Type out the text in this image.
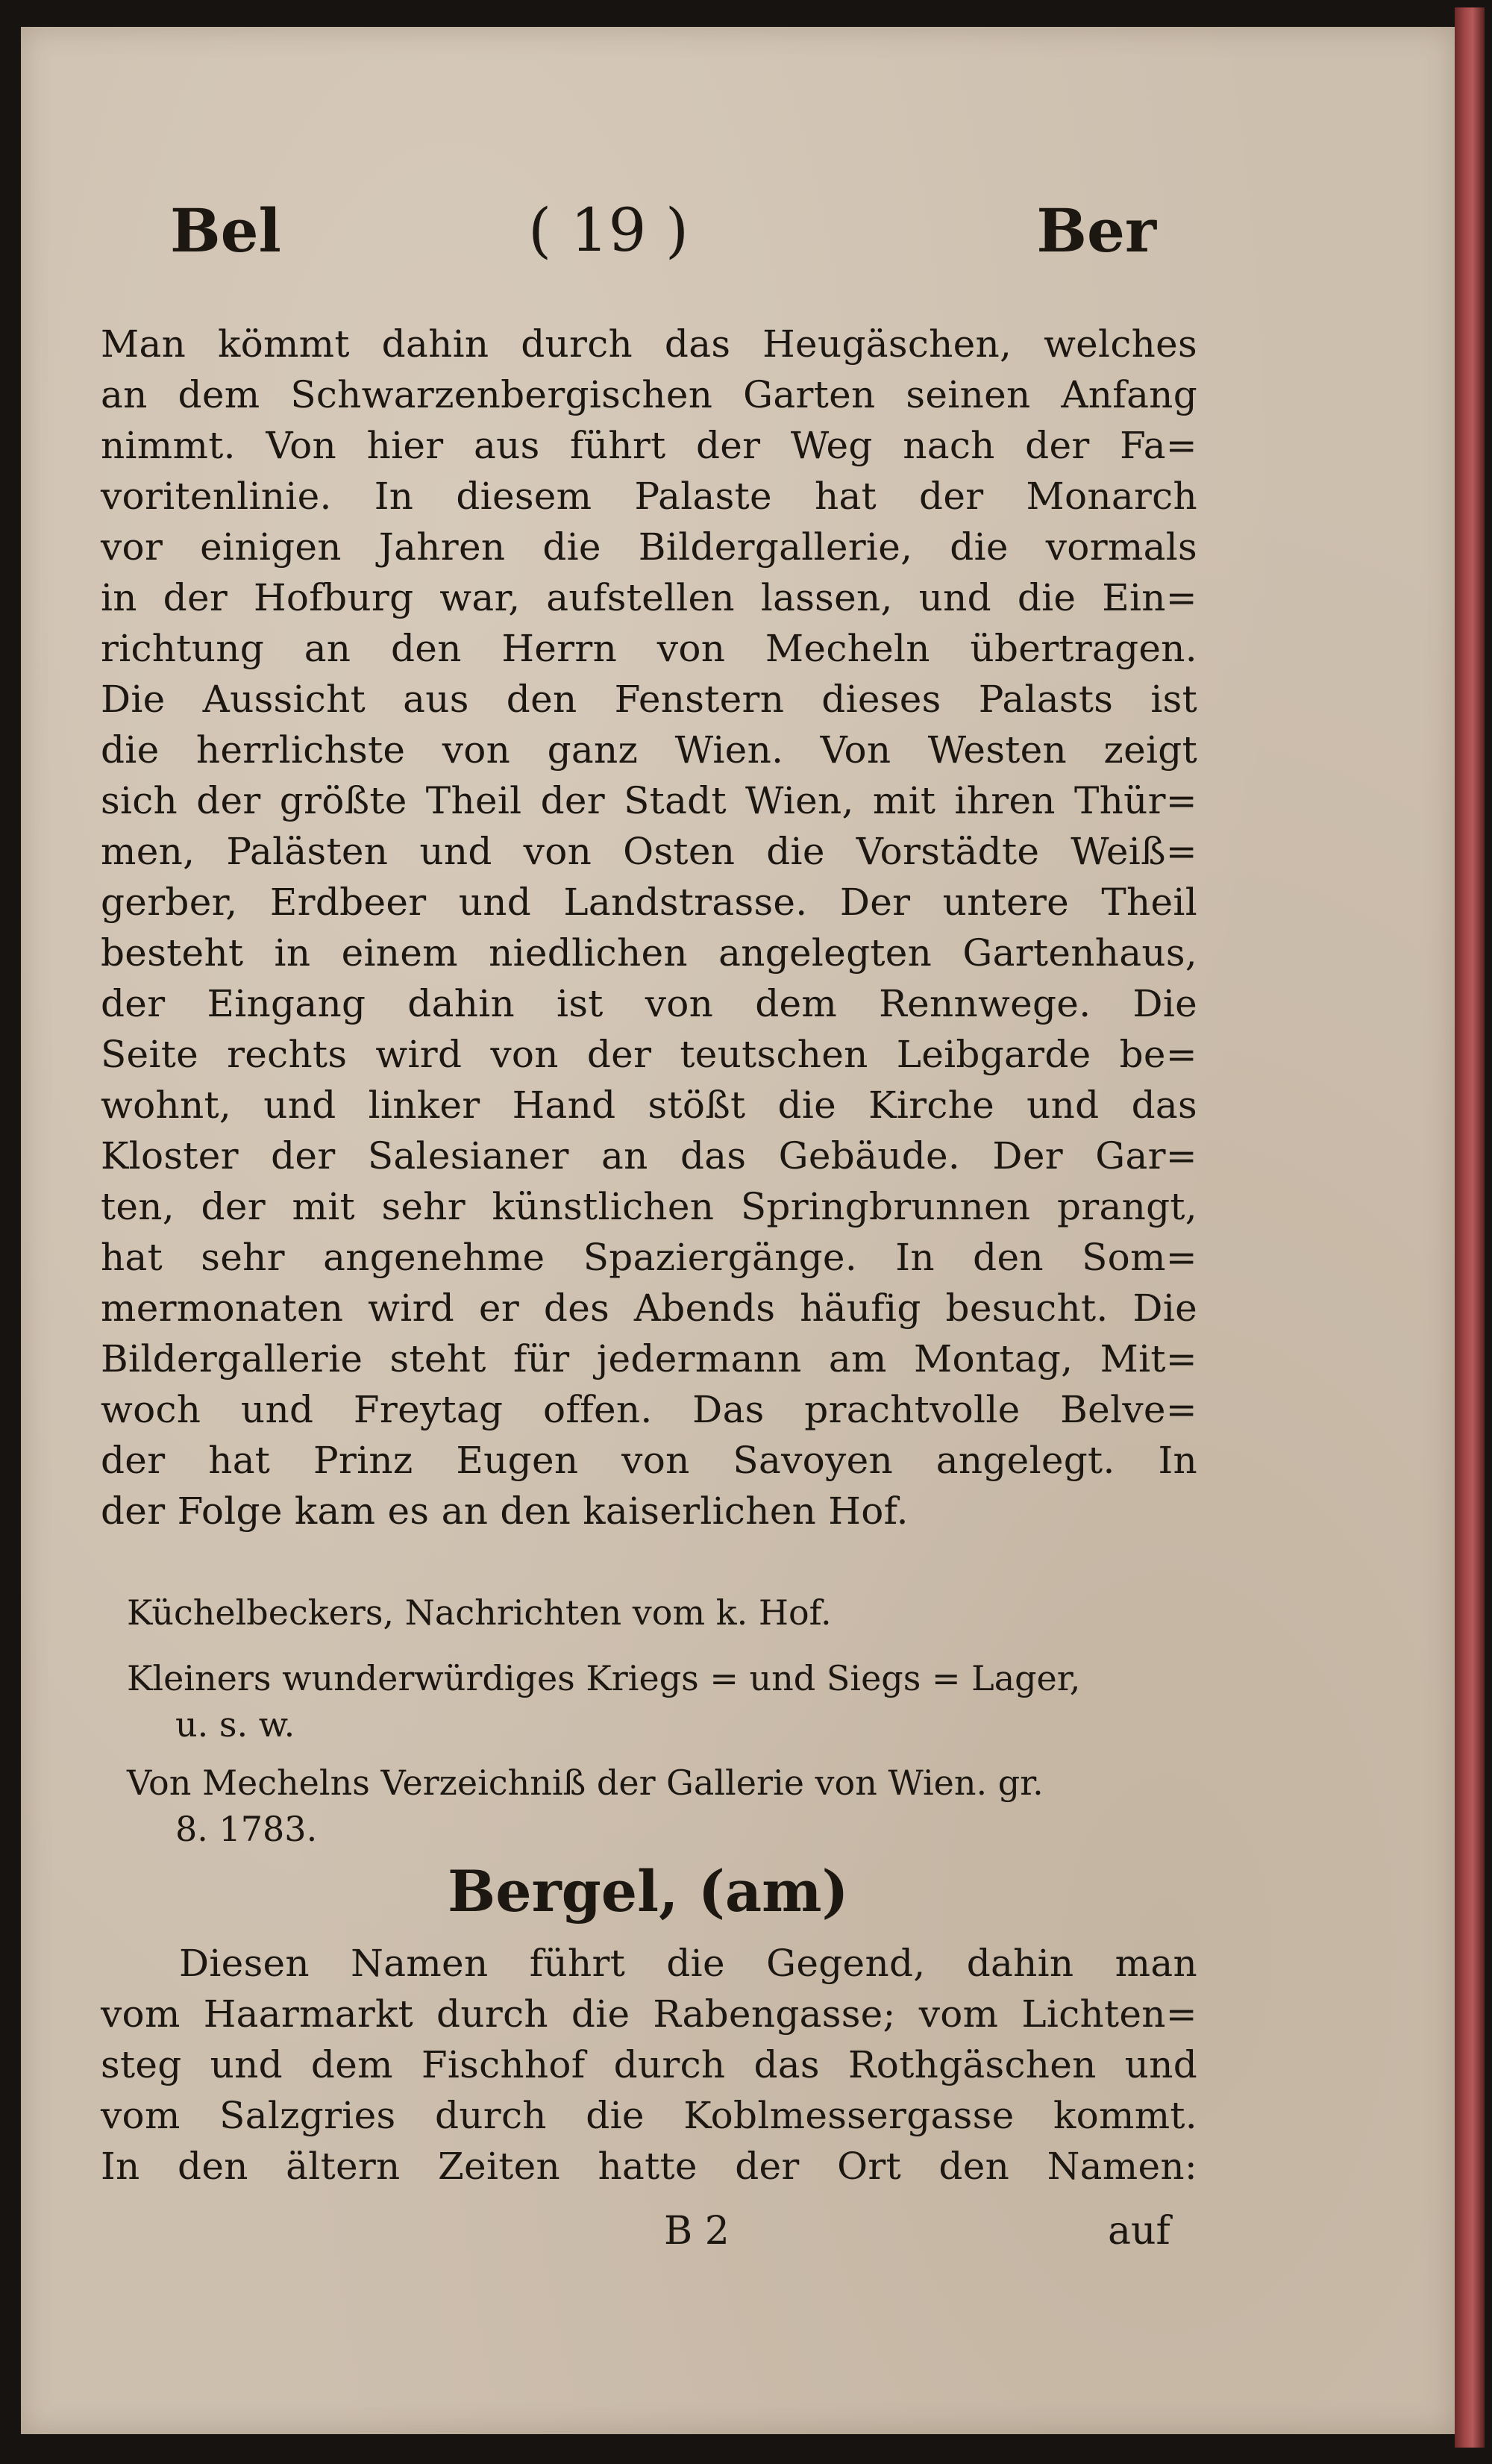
Bel	( 19 )	Ber
Man kömmt dahin durch das Heugäschen, welches
an dem Schwarzenbergischen Garten seinen Anfang
nimmt. Von hier aus führt der Weg nach der Fa=
voritenlinie. In diesem Palaste hat der Monarch
vor einigen Jahren die Bildergallerie, die vormals
in der Hofburg war, aufstellen lassen, und die Ein=
richtung an den Herrn von Mecheln übertragen.
Die Aussicht aus den Fenstern dieses Palasts ist
die herrlichste von ganz Wien. Von Westen zeigt
sich der größte Theil der Stadt Wien, mit ihren Thür=
men, Palästen und von Osten die Vorstädte Weiß=
gerber, Erdbeer und Landstrasse. Der untere Theil
besteht in einem niedlichen angelegten Gartenhaus,
der Eingang dahin ist von dem Rennwege. Die
Seite rechts wird von der teutschen Leibgarde be=
wohnt, und linker Hand stößt die Kirche und das
Kloster der Salesianer an das Gebäude. Der Gar=
ten, der mit sehr künstlichen Springbrunnen prangt,
hat sehr angenehme Spaziergänge. In den Som=
mermonaten wird er des Abends häufig besucht. Die
Bildergallerie steht für jedermann am Montag, Mit=
woch und Freytag offen. Das prachtvolle Belve=
der hat Prinz Eugen von Savoyen angelegt. In
der Folge kam es an den kaiserlichen Hof.
Küchelbeckers, Nachrichten vom k. Hof.
Kleiners wunderwürdiges Kriegs = und Siegs = Lager,
u. s. w.
Von Mechelns Verzeichniß der Gallerie von Wien. gr.
8. 1783.
Bergel, (am)
Diesen Namen führt die Gegend, dahin man
vom Haarmarkt durch die Rabengasse; vom Lichten=
steg und dem Fischhof durch das Rothgäschen und
vom Salzgries durch die Koblmessergasse kommt.
In den ältern Zeiten hatte der Ort den Namen:
B 2	auf
